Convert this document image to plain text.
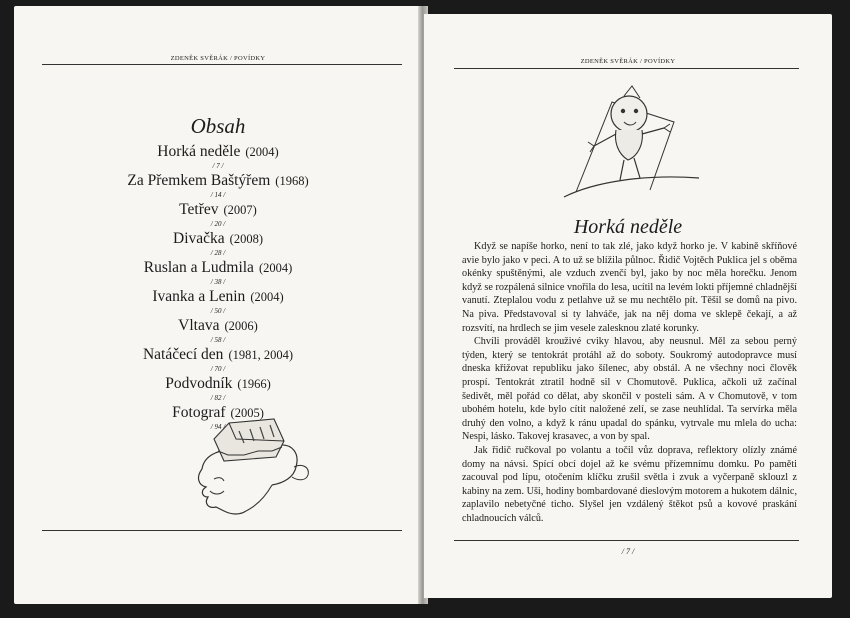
ZDENĚK SVĚRÁK / POVÍDKY
Obsah
Horká neděle (2004)
/ 7 /
Za Přemkem Baštýřem (1968)
/ 14 /
Tetřev (2007)
/ 20 /
Divačka (2008)
/ 28 /
Ruslan a Ludmila (2004)
/ 38 /
Ivanka a Lenin (2004)
/ 50 /
Vltava (2006)
/ 58 /
Natáčecí den (1981, 2004)
/ 70 /
Podvodník (1966)
/ 82 /
Fotograf (2005)
/ 94 /
ZDENĚK SVĚRÁK / POVÍDKY
Horká neděle

Když se napíše horko, není to tak zlé, jako když horko je. V kabině skříňové avie bylo jako v peci. A to už se blížila půlnoc. Řidič Vojtěch Puklica jel s oběma okénky spuštěnými, ale vzduch zvenčí byl, jako by noc měla horečku. Jenom když se rozpálená silnice vnořila do lesa, ucítil na levém lokti příjemné chladnější vanutí. Zteplalou vodu z petlahve už se mu nechtělo pít. Těšil se domů na pivo. Na piva. Představoval si ty lahváče, jak na něj doma ve sklepě čekají, a až rozsvítí, na hrdlech se jim vesele zalesknou zlaté korunky.

Chvíli prováděl krouživé cviky hlavou, aby neusnul. Měl za sebou perný týden, který se tentokrát protáhl až do soboty. Soukromý autodopravce musí dneska křižovat republiku jako šílenec, aby obstál. A ne všechny noci člověk prospí. Tentokrát ztratil hodně sil v Chomutově. Puklica, ačkoli už začínal šedivět, měl pořád co dělat, aby skončil v posteli sám. A v Chomutově, v tom ubohém hotelu, kde bylo cítit naložené zelí, se zase neuhlídal. Ta servírka měla druhý den volno, a když k ránu upadal do spánku, vytrvale mu mlela do ucha: Nespi, lásko. Takovej krasavec, a von by spal.

Jak řidič ručkoval po volantu a točil vůz doprava, reflektory olízly známé domy na návsi. Spící obcí dojel až ke svému přízemnímu domku. Po paměti zacouval pod lípu, otočením klíčku zrušil světla i zvuk a vyčerpaně sklouzl z kabiny na zem. Uši, hodiny bombardované dieslovým motorem a hukotem dálnic, zaplavilo nebetyčné ticho. Slyšel jen vzdálený štěkot psů a kovové praskání chladnoucích válců.

/ 7 /
